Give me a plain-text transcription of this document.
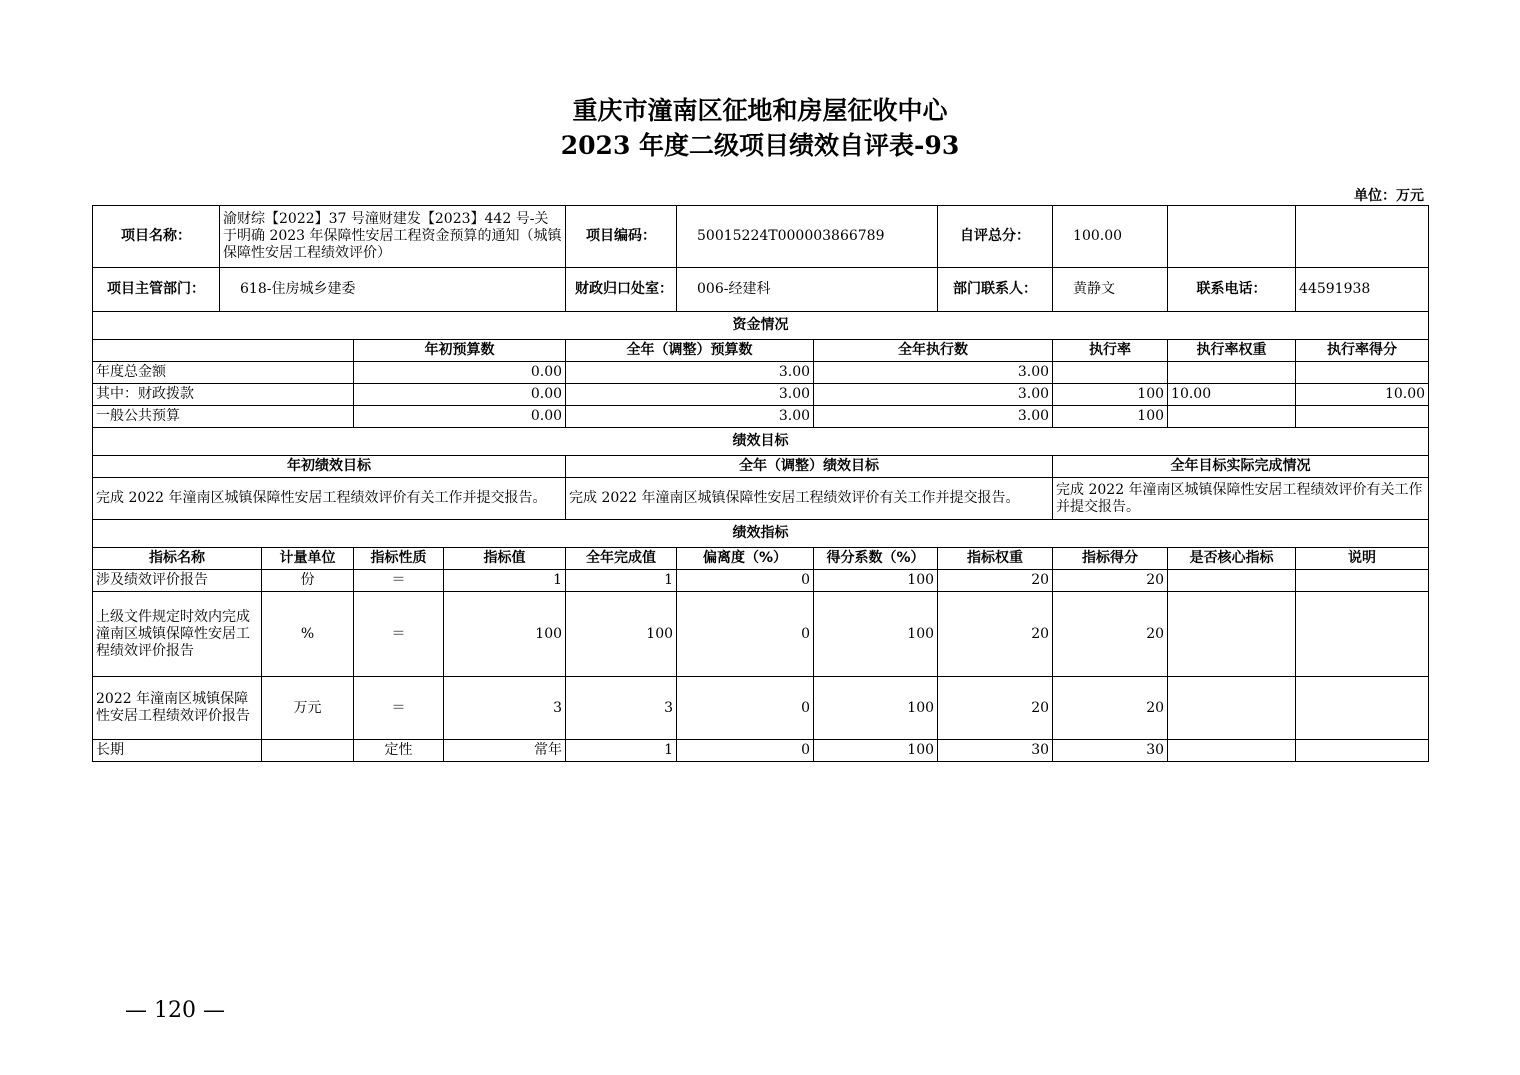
重庆市潼南区征地和房屋征收中心
2023 年度二级项目绩效自评表-93
单位：万元
项目名称：	渝财综【2022】37 号潼财建发【2023】442 号-关于明确 2023 年保障性安居工程资金预算的通知（城镇保障性安居工程绩效评价）				项目编码：	50015224T000003866789		自评总分：	100.00		
项目主管部门：	618-住房城乡建委				财政归口处室：	006-经建科		部门联系人：	黄静文	联系电话：	44591938
资金情况											
			年初预算数		全年（调整）预算数		全年执行数		执行率	执行率权重	执行率得分
年度总金额			0.00		3.00		3.00				
其中：财政拨款			0.00		3.00		3.00		100	10.00	10.00
一般公共预算			0.00		3.00		3.00		100		
绩效目标											
年初绩效目标					全年（调整）绩效目标				全年目标实际完成情况		
完成 2022 年潼南区城镇保障性安居工程绩效评价有关工作并提交报告。					完成 2022 年潼南区城镇保障性安居工程绩效评价有关工作并提交报告。				完成 2022 年潼南区城镇保障性安居工程绩效评价有关工作并提交报告。		
绩效指标											
指标名称		计量单位	指标性质	指标值	全年完成值	偏离度（%）	得分系数（%）	指标权重	指标得分	是否核心指标	说明
涉及绩效评价报告		份	＝	1	1	0	100	20	20		
上级文件规定时效内完成潼南区城镇保障性安居工程绩效评价报告		%	＝	100	100	0	100	20	20		
2022 年潼南区城镇保障性安居工程绩效评价报告		万元	＝	3	3	0	100	20	20		
长期			定性	常年	1	0	100	30	30		
— 120 —
